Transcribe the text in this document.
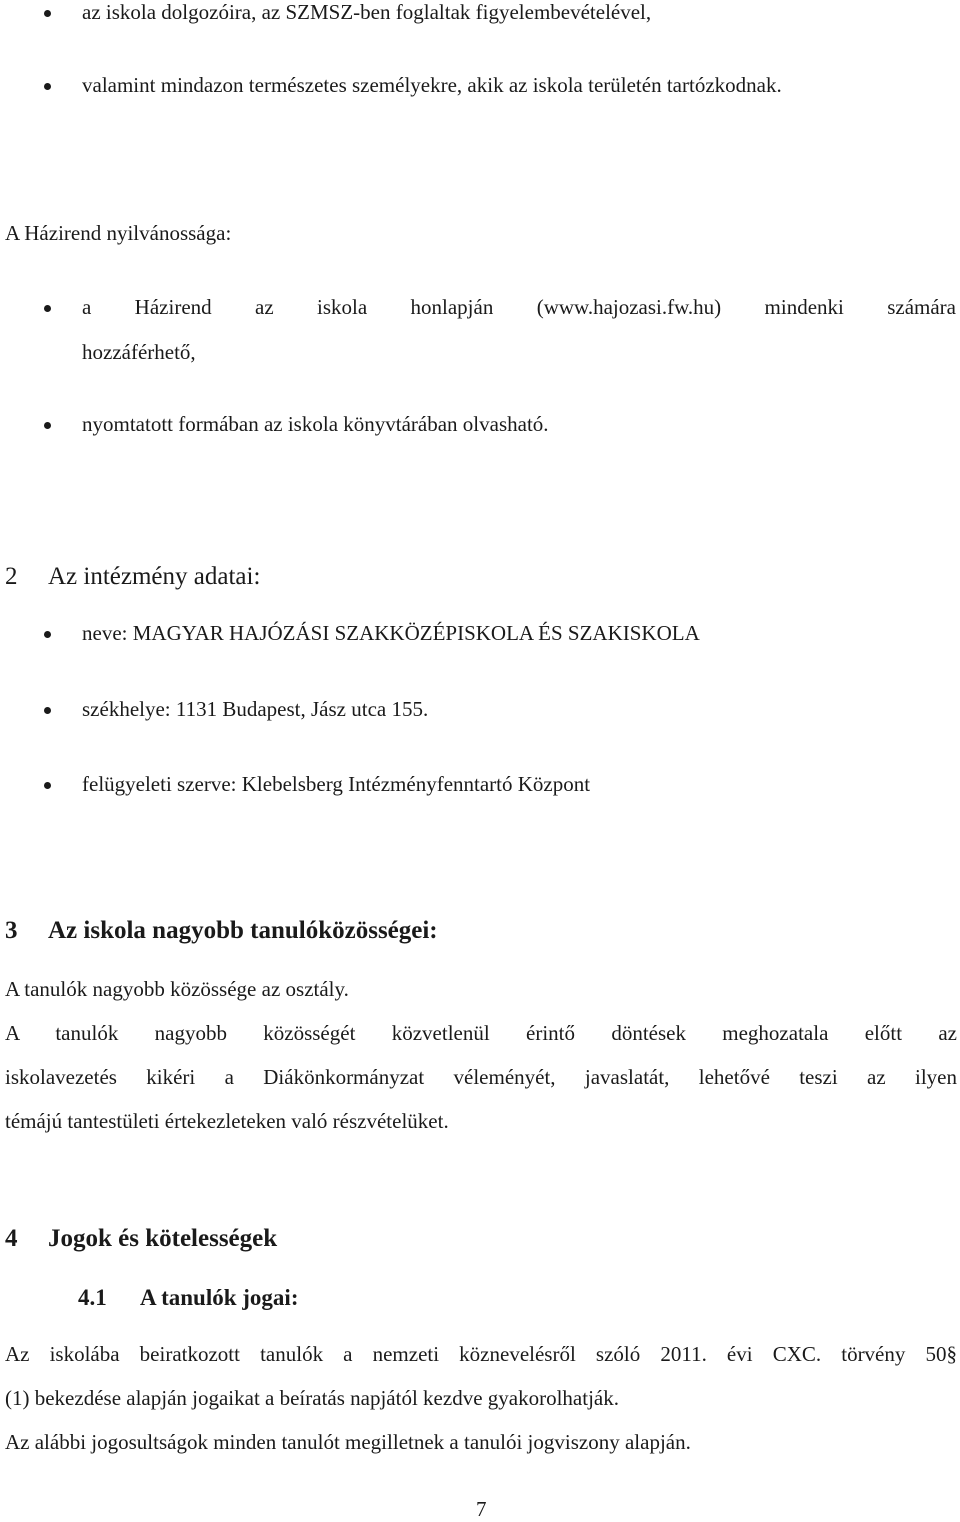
az iskola dolgozóira, az SZMSZ-ben foglaltak figyelembevételével,
valamint mindazon természetes személyekre, akik az iskola területén tartózkodnak.
A Házirend nyilvánossága:
a Házirend az iskola honlapján (www.hajozasi.fw.hu) mindenki számára
hozzáférhető,
nyomtatott formában az iskola könyvtárában olvasható.
2 Az intézmény adatai:
neve: MAGYAR HAJÓZÁSI SZAKKÖZÉPISKOLA ÉS SZAKISKOLA
székhelye: 1131 Budapest, Jász utca 155.
felügyeleti szerve: Klebelsberg Intézményfenntartó Központ
3 Az iskola nagyobb tanulóközösségei:
A tanulók nagyobb közössége az osztály.
A tanulók nagyobb közösségét közvetlenül érintő döntések meghozatala előtt az
iskolavezetés kikéri a Diákönkormányzat véleményét, javaslatát, lehetővé teszi az ilyen
témájú tantestületi értekezleteken való részvételüket.
4 Jogok és kötelességek
4.1 A tanulók jogai:
Az iskolába beiratkozott tanulók a nemzeti köznevelésről szóló 2011. évi CXC. törvény 50§
(1) bekezdése alapján jogaikat a beíratás napjától kezdve gyakorolhatják.
Az alábbi jogosultságok minden tanulót megilletnek a tanulói jogviszony alapján.
7
